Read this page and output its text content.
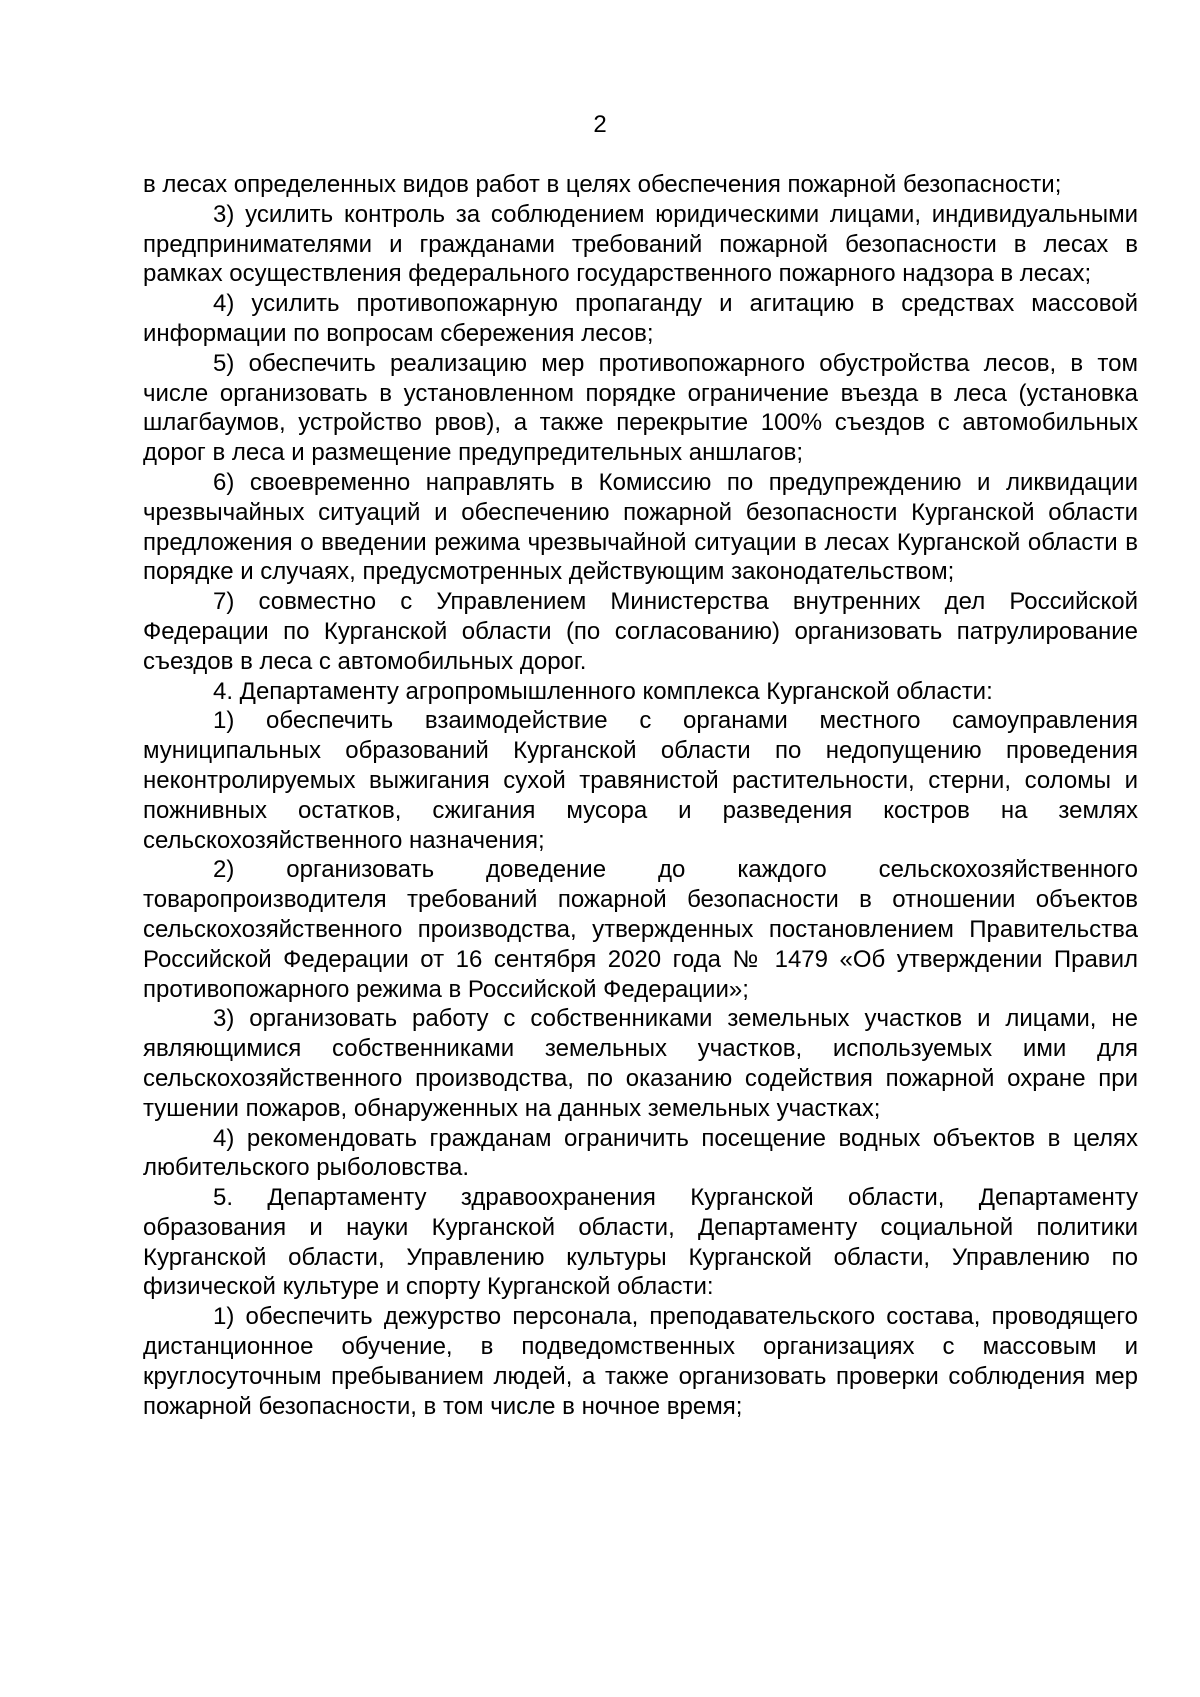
2

в лесах определенных видов работ в целях обеспечения пожарной безопасности;

3) усилить контроль за соблюдением юридическими лицами, индивидуальными предпринимателями и гражданами требований пожарной безопасности в лесах в рамках осуществления федерального государственного пожарного надзора в лесах;

4) усилить противопожарную пропаганду и агитацию в средствах массовой информации по вопросам сбережения лесов;

5) обеспечить реализацию мер противопожарного обустройства лесов, в том числе организовать в установленном порядке ограничение въезда в леса (установка шлагбаумов, устройство рвов), а также перекрытие 100% съездов с автомобильных дорог в леса и размещение предупредительных аншлагов;

6) своевременно направлять в Комиссию по предупреждению и ликвидации чрезвычайных ситуаций и обеспечению пожарной безопасности Курганской области предложения о введении режима чрезвычайной ситуации в лесах Курганской области в порядке и случаях, предусмотренных действующим законодательством;

7) совместно с Управлением Министерства внутренних дел Российской Федерации по Курганской области (по согласованию) организовать патрулирование съездов в леса с автомобильных дорог.

4. Департаменту агропромышленного комплекса Курганской области:

1) обеспечить взаимодействие с органами местного самоуправления муниципальных образований Курганской области по недопущению проведения неконтролируемых выжигания сухой травянистой растительности, стерни, соломы и пожнивных остатков, сжигания мусора и разведения костров на землях сельскохозяйственного назначения;

2) организовать доведение до каждого сельскохозяйственного товаропроизводителя требований пожарной безопасности в отношении объектов сельскохозяйственного производства, утвержденных постановлением Правительства Российской Федерации от 16 сентября 2020 года № 1479 «Об утверждении Правил противопожарного режима в Российской Федерации»;

3) организовать работу с собственниками земельных участков и лицами, не являющимися собственниками земельных участков, используемых ими для сельскохозяйственного производства, по оказанию содействия пожарной охране при тушении пожаров, обнаруженных на данных земельных участках;

4) рекомендовать гражданам ограничить посещение водных объектов в целях любительского рыболовства.

5. Департаменту здравоохранения Курганской области, Департаменту образования и науки Курганской области, Департаменту социальной политики Курганской области, Управлению культуры Курганской области, Управлению по физической культуре и спорту Курганской области:

1) обеспечить дежурство персонала, преподавательского состава, проводящего дистанционное обучение, в подведомственных организациях с массовым и круглосуточным пребыванием людей, а также организовать проверки соблюдения мер пожарной безопасности, в том числе в ночное время;
